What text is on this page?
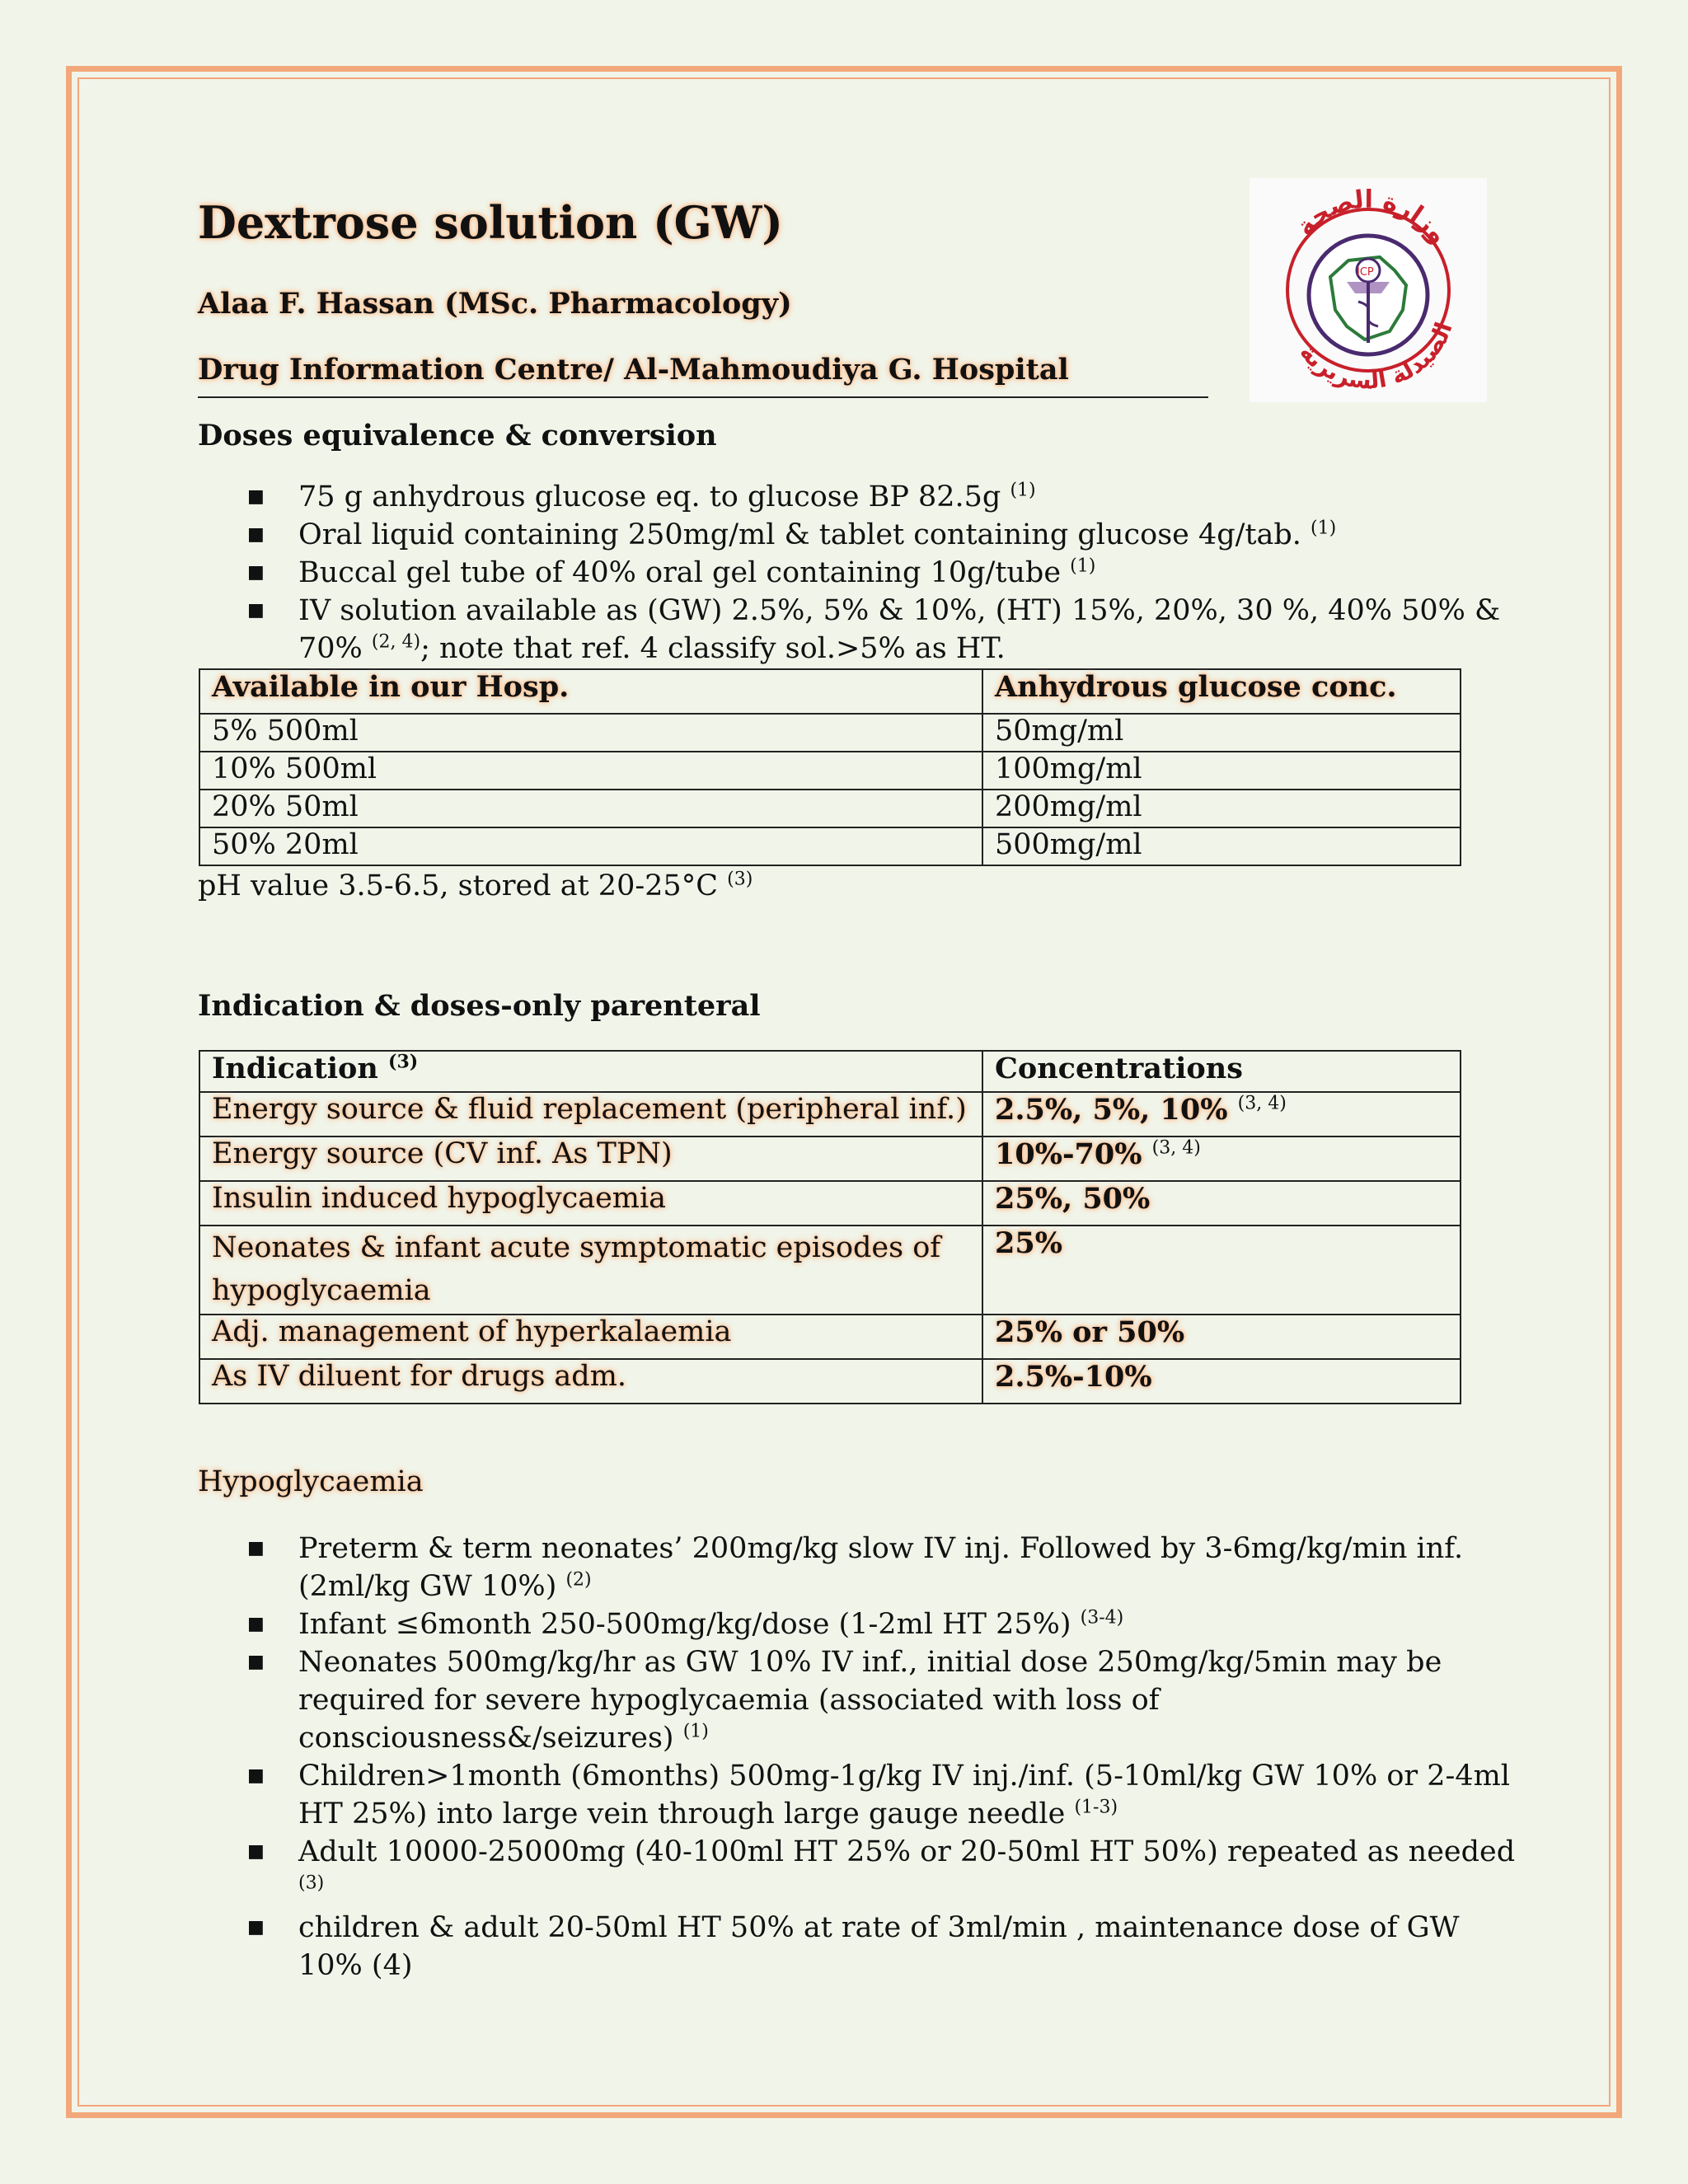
Dextrose solution (GW)
Alaa F. Hassan (MSc. Pharmacology)
Drug Information Centre/ Al-Mahmoudiya G. Hospital
ICP
وزارة الصحة
الصيدلة السريرية
Doses equivalence & conversion
■ 75 g anhydrous glucose eq. to glucose BP 82.5g $^{(1)}$
■ Oral liquid containing 250mg/ml & tablet containing glucose 4g/tab. $^{(1)}$
■ Buccal gel tube of 40% oral gel containing 10g/tube $^{(1)}$
■ IV solution available as (GW) 2.5%, 5% & 10%, (HT) 15%, 20%, 30 %, 40% 50% & 70% $^{(2, 4)}$; note that ref. 4 classify sol.>5% as HT.
Available in our Hosp.	Anhydrous glucose conc.
5% 500ml	50mg/ml
10% 500ml	100mg/ml
20% 50ml	200mg/ml
50% 20ml	500mg/ml
pH value 3.5-6.5, stored at 20-25°C $^{(3)}$
Indication & doses-only parenteral
Indication $^{(3)}$	Concentrations
Energy source & fluid replacement (peripheral inf.)	2.5%, 5%, 10% $^{(3, 4)}$
Energy source (CV inf. As TPN)	10%-70% $^{(3, 4)}$
Insulin induced hypoglycaemia	25%, 50%
Neonates & infant acute symptomatic episodes of hypoglycaemia	25%
Adj. management of hyperkalaemia	25% or 50%
As IV diluent for drugs adm.	2.5%-10%
Hypoglycaemia
■ Preterm & term neonates’ 200mg/kg slow IV inj. Followed by 3-6mg/kg/min inf. (2ml/kg GW 10%) $^{(2)}$
■ Infant ≤6month 250-500mg/kg/dose (1-2ml HT 25%) $^{(3-4)}$
■ Neonates 500mg/kg/hr as GW 10% IV inf., initial dose 250mg/kg/5min may be required for severe hypoglycaemia (associated with loss of consciousness&/seizures) $^{(1)}$
■ Children>1month (6months) 500mg-1g/kg IV inj./inf. (5-10ml/kg GW 10% or 2-4ml HT 25%) into large vein through large gauge needle $^{(1-3)}$
■ Adult 10000-25000mg (40-100ml HT 25% or 20-50ml HT 50%) repeated as needed $^{(3)}$
■ children & adult 20-50ml HT 50% at rate of 3ml/min , maintenance dose of GW 10% (4)
